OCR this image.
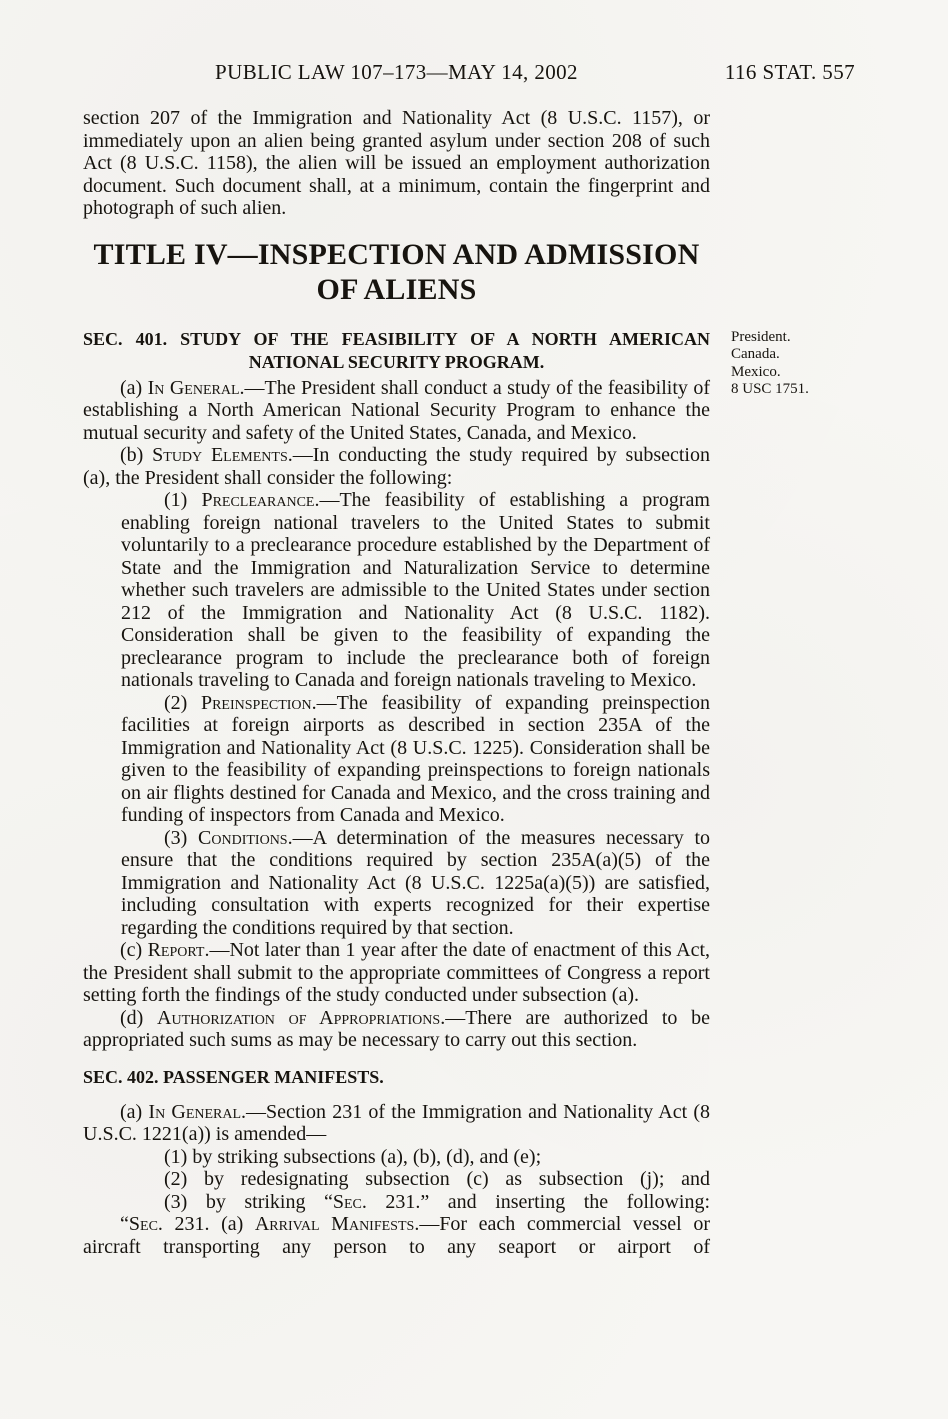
PUBLIC LAW 107–173—MAY 14, 2002	116 STAT. 557

section 207 of the Immigration and Nationality Act (8 U.S.C. 1157), or immediately upon an alien being granted asylum under section 208 of such Act (8 U.S.C. 1158), the alien will be issued an employment authorization document. Such document shall, at a minimum, contain the fingerprint and photograph of such alien.

TITLE IV—INSPECTION AND ADMISSION
OF ALIENS
President.
Canada.
Mexico.
8 USC 1751.
SEC. 401. STUDY OF THE FEASIBILITY OF A NORTH AMERICAN
NATIONAL SECURITY PROGRAM.

(a) In General.—The President shall conduct a study of the feasibility of establishing a North American National Security Program to enhance the mutual security and safety of the United States, Canada, and Mexico.

(b) Study Elements.—In conducting the study required by subsection (a), the President shall consider the following:

(1) Preclearance.—The feasibility of establishing a program enabling foreign national travelers to the United States to submit voluntarily to a preclearance procedure established by the Department of State and the Immigration and Naturalization Service to determine whether such travelers are admissible to the United States under section 212 of the Immigration and Nationality Act (8 U.S.C. 1182). Consideration shall be given to the feasibility of expanding the preclearance program to include the preclearance both of foreign nationals traveling to Canada and foreign nationals traveling to Mexico.

(2) Preinspection.—The feasibility of expanding preinspection facilities at foreign airports as described in section 235A of the Immigration and Nationality Act (8 U.S.C. 1225). Consideration shall be given to the feasibility of expanding preinspections to foreign nationals on air flights destined for Canada and Mexico, and the cross training and funding of inspectors from Canada and Mexico.

(3) Conditions.—A determination of the measures necessary to ensure that the conditions required by section 235A(a)(5) of the Immigration and Nationality Act (8 U.S.C. 1225a(a)(5)) are satisfied, including consultation with experts recognized for their expertise regarding the conditions required by that section.

(c) Report.—Not later than 1 year after the date of enactment of this Act, the President shall submit to the appropriate committees of Congress a report setting forth the findings of the study conducted under subsection (a).

(d) Authorization of Appropriations.—There are authorized to be appropriated such sums as may be necessary to carry out this section.

SEC. 402. PASSENGER MANIFESTS.

(a) In General.—Section 231 of the Immigration and Nationality Act (8 U.S.C. 1221(a)) is amended—

(1) by striking subsections (a), (b), (d), and (e);

(2) by redesignating subsection (c) as subsection (j); and

(3) by striking “Sec. 231.” and inserting the following:

“Sec. 231. (a) Arrival Manifests.—For each commercial vessel or aircraft transporting any person to any seaport or airport of
